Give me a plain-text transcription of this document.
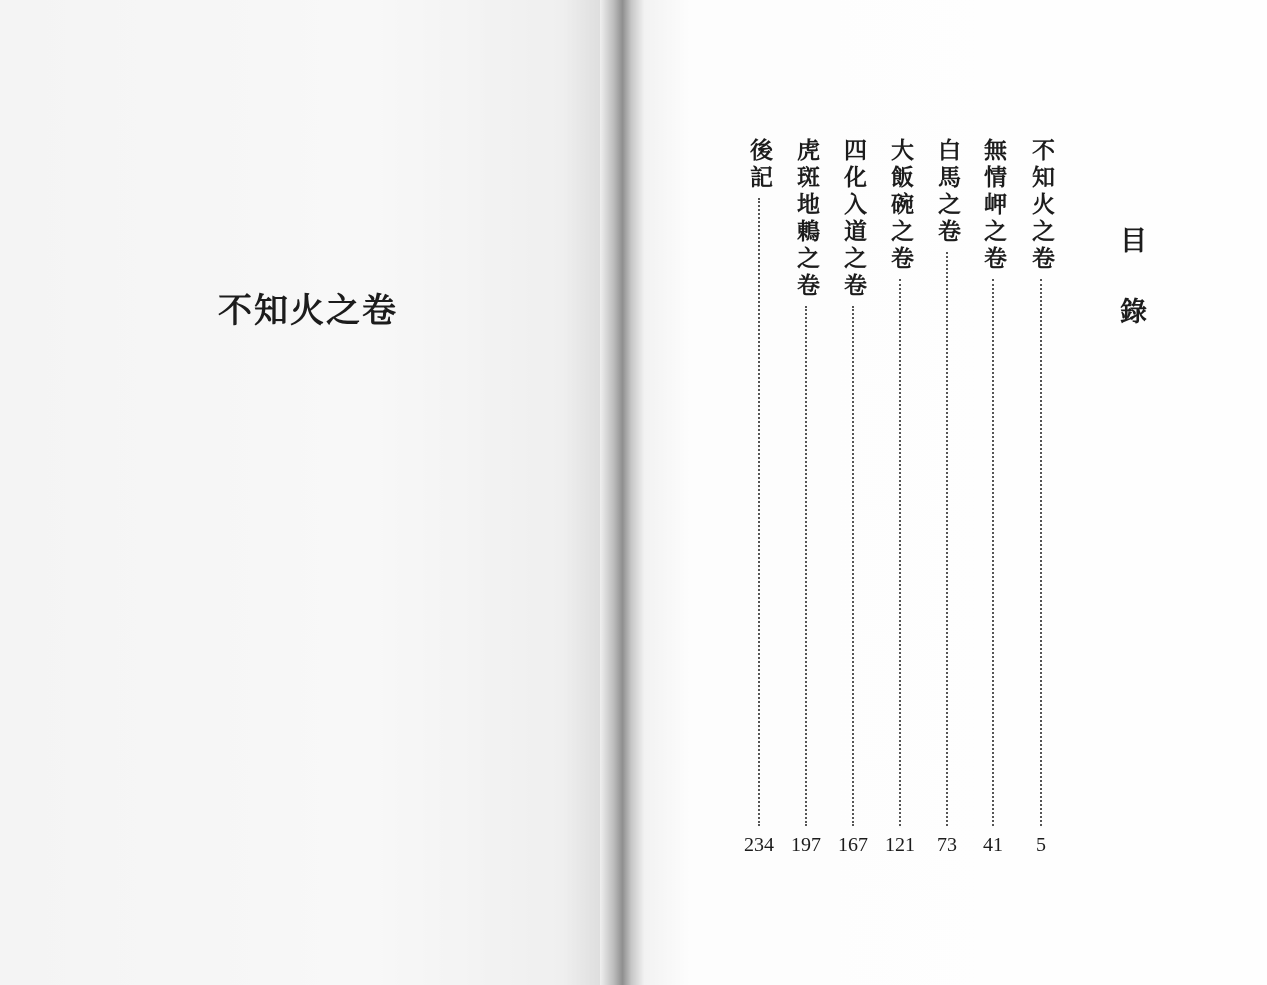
不知火之卷	目錄
不知火之卷
5
無情岬之卷
41
白馬之卷
73
大飯碗之卷
121
四化入道之卷
167
虎斑地鶇之卷
197
後記
234
